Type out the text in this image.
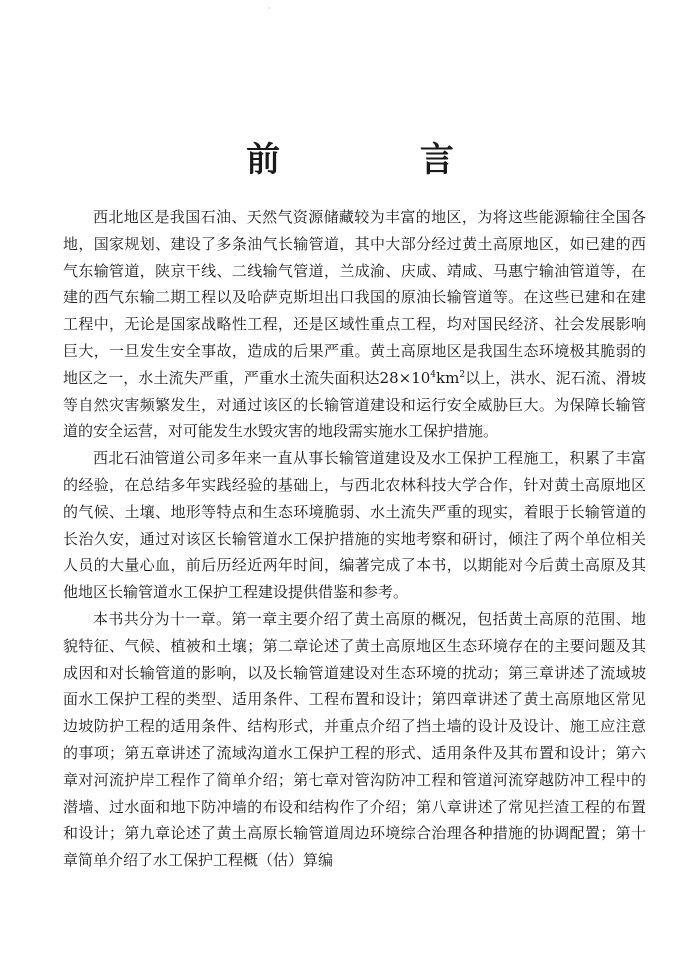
·
前 言

西北地区是我国石油、天然气资源储藏较为丰富的地区，为将这些能源输往全国各地，国家规划、建设了多条油气长输管道，其中大部分经过黄土高原地区，如已建的西气东输管道，陕京干线、二线输气管道，兰成渝、庆咸、靖咸、马惠宁输油管道等，在建的西气东输二期工程以及哈萨克斯坦出口我国的原油长输管道等。在这些已建和在建工程中，无论是国家战略性工程，还是区域性重点工程，均对国民经济、社会发展影响巨大，一旦发生安全事故，造成的后果严重。黄土高原地区是我国生态环境极其脆弱的地区之一，水土流失严重，严重水土流失面积达$28\times 10^4km^2$以上，洪水、泥石流、滑坡等自然灾害频繁发生，对通过该区的长输管道建设和运行安全威胁巨大。为保障长输管道的安全运营，对可能发生水毁灾害的地段需实施水工保护措施。

西北石油管道公司多年来一直从事长输管道建设及水工保护工程施工，积累了丰富的经验，在总结多年实践经验的基础上，与西北农林科技大学合作，针对黄土高原地区的气候、土壤、地形等特点和生态环境脆弱、水土流失严重的现实，着眼于长输管道的长治久安，通过对该区长输管道水工保护措施的实地考察和研讨，倾注了两个单位相关人员的大量心血，前后历经近两年时间，编著完成了本书，以期能对今后黄土高原及其他地区长输管道水工保护工程建设提供借鉴和参考。

本书共分为十一章。第一章主要介绍了黄土高原的概况，包括黄土高原的范围、地貌特征、气候、植被和土壤；第二章论述了黄土高原地区生态环境存在的主要问题及其成因和对长输管道的影响，以及长输管道建设对生态环境的扰动；第三章讲述了流域坡面水工保护工程的类型、适用条件、工程布置和设计；第四章讲述了黄土高原地区常见边坡防护工程的适用条件、结构形式，并重点介绍了挡土墙的设计及设计、施工应注意的事项；第五章讲述了流域沟道水工保护工程的形式、适用条件及其布置和设计；第六章对河流护岸工程作了简单介绍；第七章对管沟防冲工程和管道河流穿越防冲工程中的潜墙、过水面和地下防冲墙的布设和结构作了介绍；第八章讲述了常见拦渣工程的布置和设计；第九章论述了黄土高原长输管道周边环境综合治理各种措施的协调配置；第十章简单介绍了水工保护工程概（估）算编
